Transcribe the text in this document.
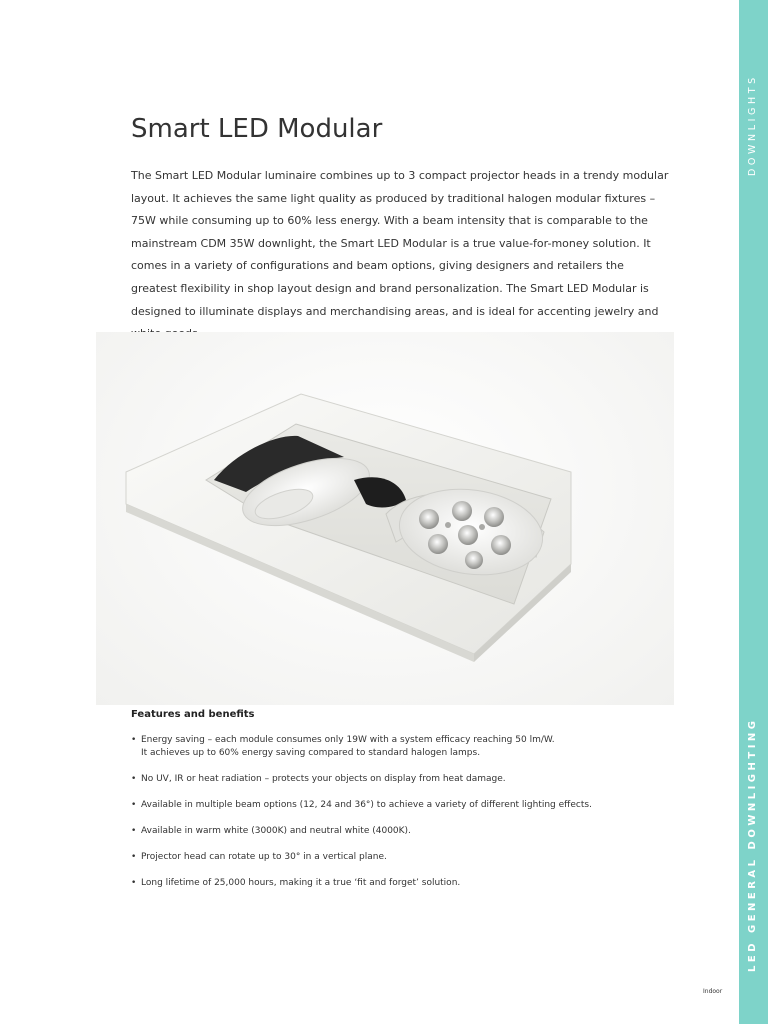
DOWNLIGHTS
LED GENERAL DOWNLIGHTING
Smart LED Modular

The Smart LED Modular luminaire combines up to 3 compact projector heads in a trendy modular layout. It achieves the same light quality as produced by traditional halogen modular fixtures – 75W while consuming up to 60% less energy. With a beam intensity that is comparable to the mainstream CDM 35W downlight, the Smart LED Modular is a true value-for-money solution. It comes in a variety of configurations and beam options, giving designers and retailers the greatest flexibility in shop layout design and brand personalization. The Smart LED Modular is designed to illuminate displays and merchandising areas, and is ideal for accenting jewelry and

Features and benefits
• Energy saving – each module consumes only 19W with a system efficacy reaching 50 lm/W.
It achieves up to 60% energy saving compared to standard halogen lamps.
• No UV, IR or heat radiation – protects your objects on display from heat damage.
• Available in multiple beam options (12, 24 and 36°) to achieve a variety of different lighting effects.
• Available in warm white (3000K) and neutral white (4000K).
• Projector head can rotate up to 30° in a vertical plane.
• Long lifetime of 25,000 hours, making it a true ‘fit and forget’ solution.
Indoor
